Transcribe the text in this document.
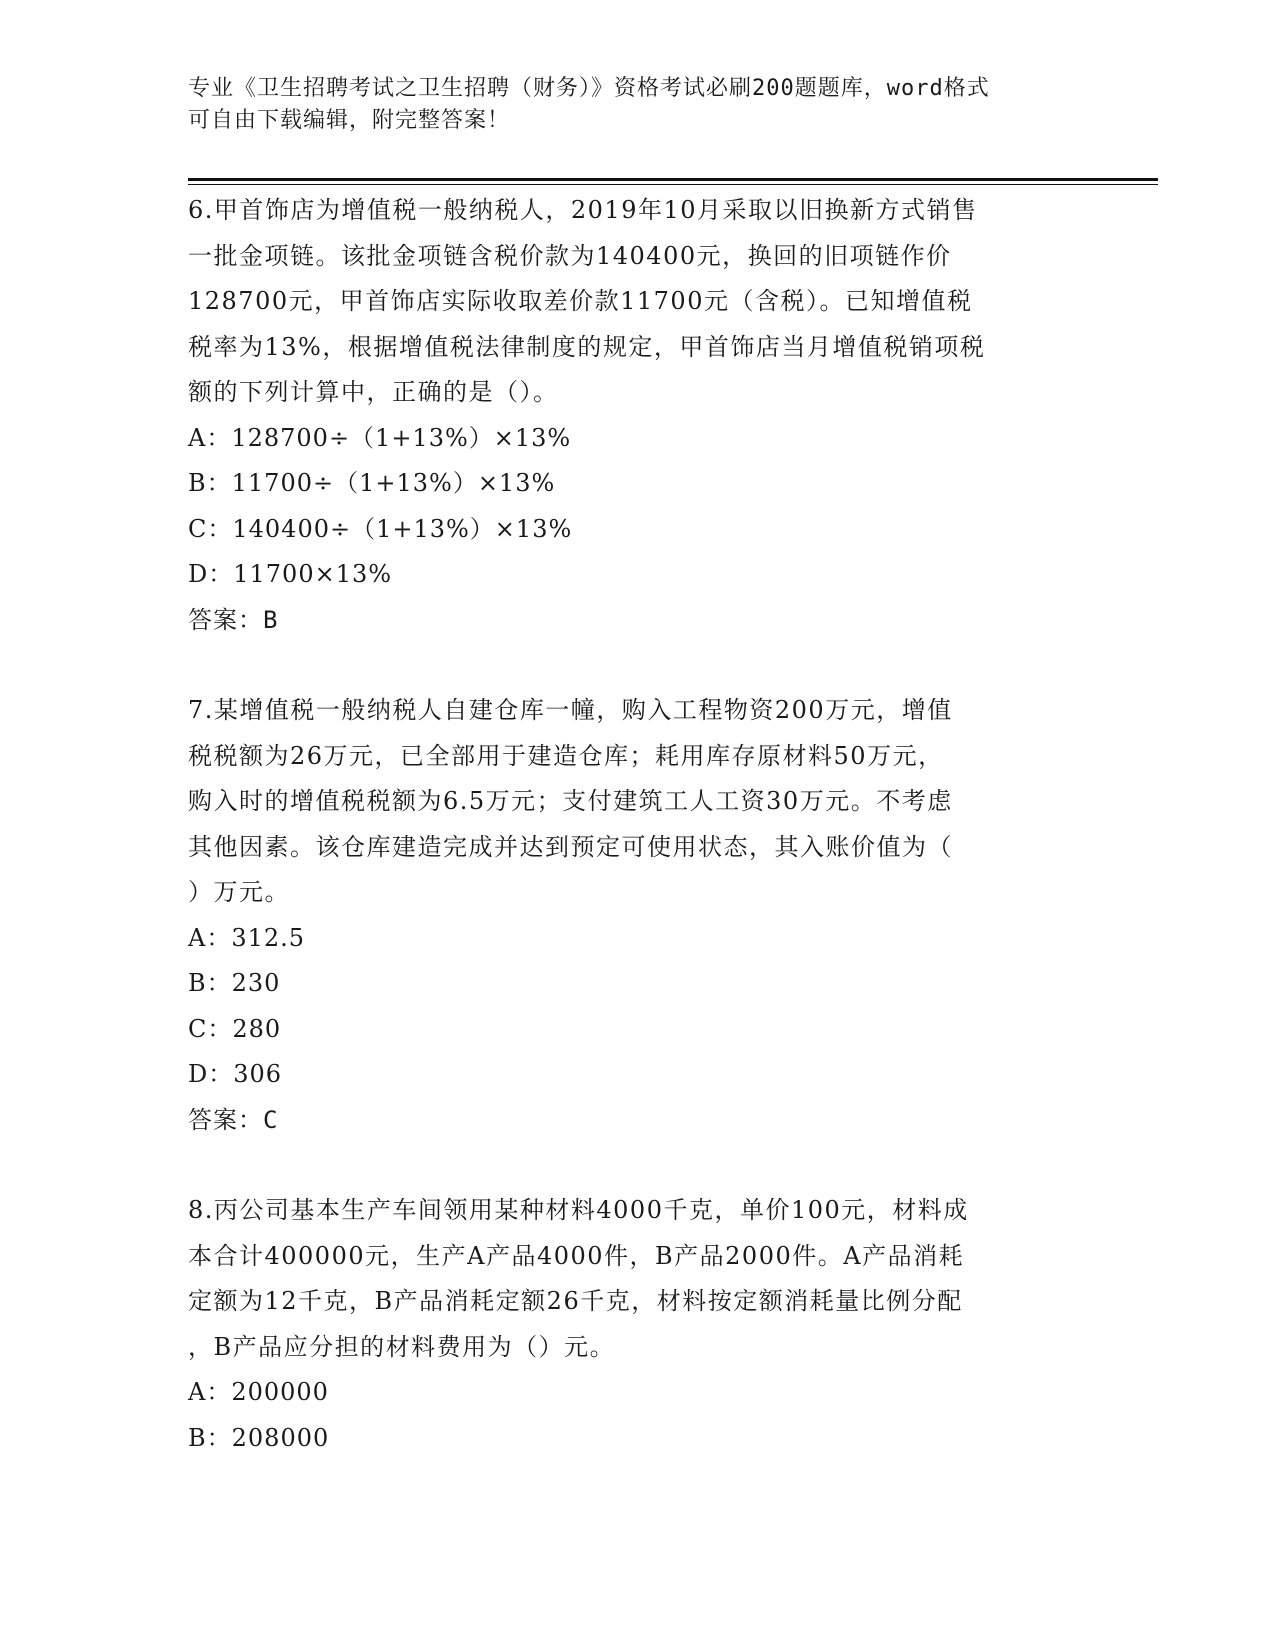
专业《卫生招聘考试之卫生招聘（财务）》资格考试必刷200题题库，word格式
可自由下载编辑，附完整答案！
6.甲首饰店为增值税一般纳税人，2019年10月采取以旧换新方式销售
一批金项链。该批金项链含税价款为140400元，换回的旧项链作价
128700元，甲首饰店实际收取差价款11700元（含税）。已知增值税
税率为13%，根据增值税法律制度的规定，甲首饰店当月增值税销项税
额的下列计算中，正确的是（）。
A：128700÷（1+13%）×13%
B：11700÷（1+13%）×13%
C：140400÷（1+13%）×13%
D：11700×13%
答案：B
7.某增值税一般纳税人自建仓库一幢，购入工程物资200万元，增值
税税额为26万元，已全部用于建造仓库；耗用库存原材料50万元，
购入时的增值税税额为6.5万元；支付建筑工人工资30万元。不考虑
其他因素。该仓库建造完成并达到预定可使用状态，其入账价值为（
）万元。
A：312.5
B：230
C：280
D：306
答案：C
8.丙公司基本生产车间领用某种材料4000千克，单价100元，材料成
本合计400000元，生产A产品4000件，B产品2000件。A产品消耗
定额为12千克，B产品消耗定额26千克，材料按定额消耗量比例分配
，B产品应分担的材料费用为（）元。
A：200000
B：208000
